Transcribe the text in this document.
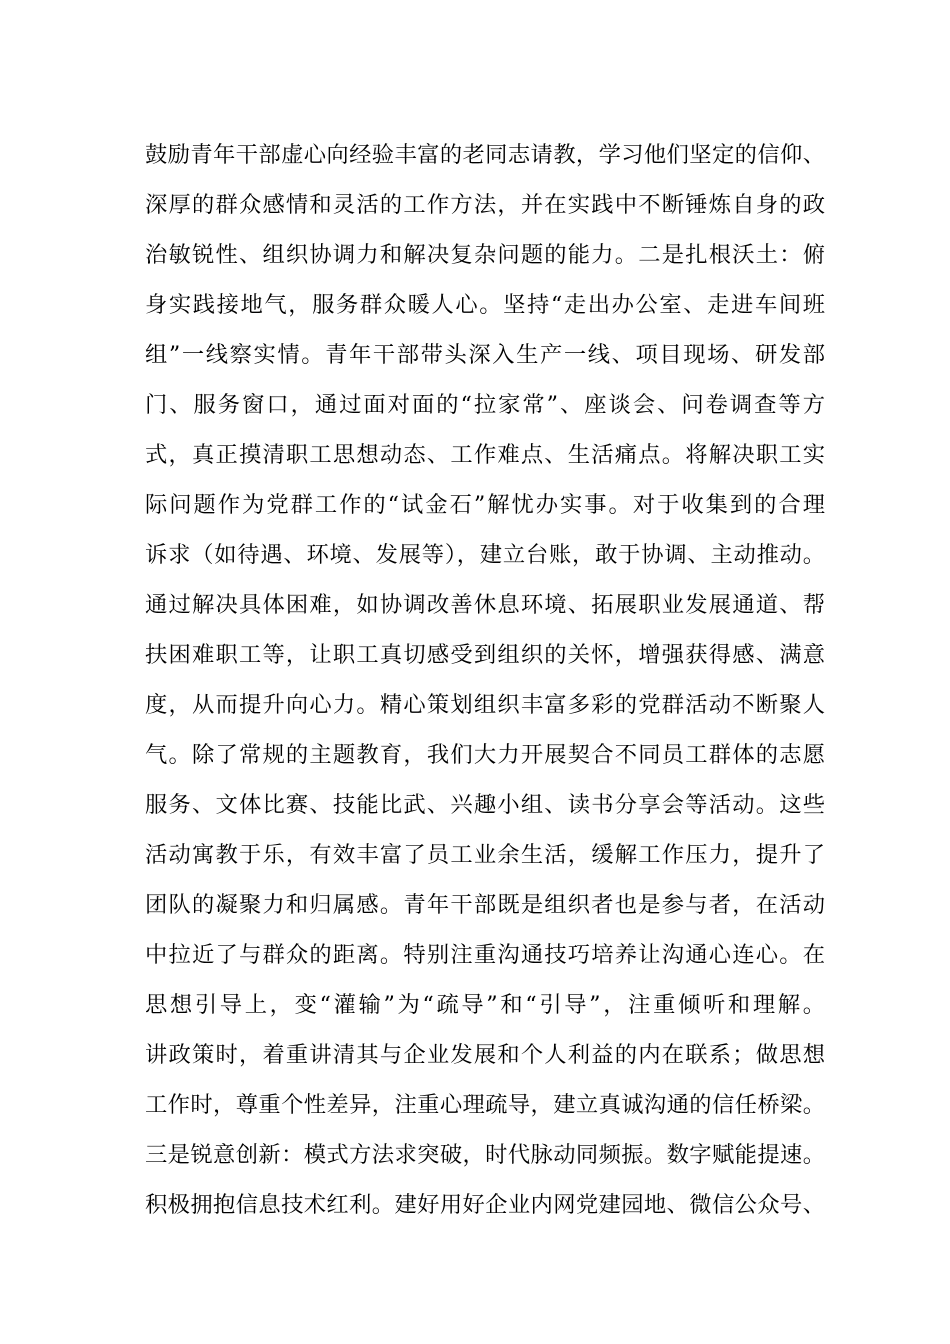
鼓励青年干部虚心向经验丰富的老同志请教，学习他们坚定的信仰、
深厚的群众感情和灵活的工作方法，并在实践中不断锤炼自身的政
治敏锐性、组织协调力和解决复杂问题的能力。二是扎根沃土：俯
身实践接地气，服务群众暖人心。坚持“走出办公室、走进车间班
组”一线察实情。青年干部带头深入生产一线、项目现场、研发部
门、服务窗口，通过面对面的“拉家常”、座谈会、问卷调查等方
式，真正摸清职工思想动态、工作难点、生活痛点。将解决职工实
际问题作为党群工作的“试金石”解忧办实事。对于收集到的合理
诉求（如待遇、环境、发展等），建立台账，敢于协调、主动推动。
通过解决具体困难，如协调改善休息环境、拓展职业发展通道、帮
扶困难职工等，让职工真切感受到组织的关怀，增强获得感、满意
度，从而提升向心力。精心策划组织丰富多彩的党群活动不断聚人
气。除了常规的主题教育，我们大力开展契合不同员工群体的志愿
服务、文体比赛、技能比武、兴趣小组、读书分享会等活动。这些
活动寓教于乐，有效丰富了员工业余生活，缓解工作压力，提升了
团队的凝聚力和归属感。青年干部既是组织者也是参与者，在活动
中拉近了与群众的距离。特别注重沟通技巧培养让沟通心连心。在
思想引导上，变“灌输”为“疏导”和“引导”，注重倾听和理解。
讲政策时，着重讲清其与企业发展和个人利益的内在联系；做思想
工作时，尊重个性差异，注重心理疏导，建立真诚沟通的信任桥梁。
三是锐意创新：模式方法求突破，时代脉动同频振。数字赋能提速。
积极拥抱信息技术红利。建好用好企业内网党建园地、微信公众号、
